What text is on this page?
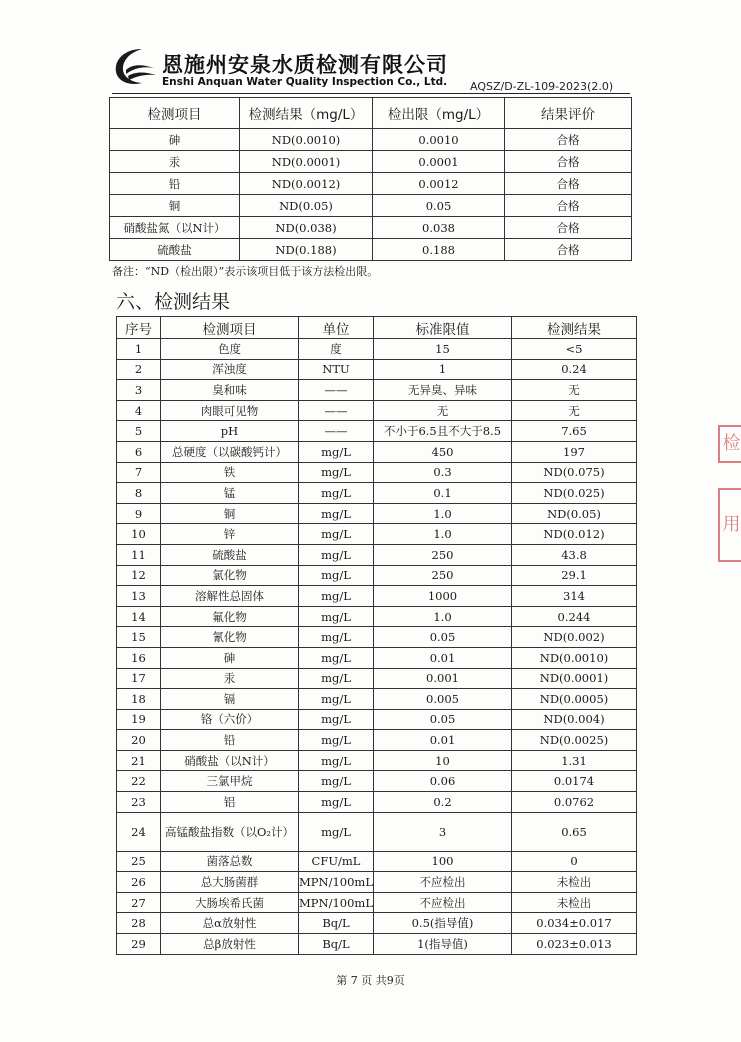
恩施州安泉水质检测有限公司
Enshi Anquan Water Quality Inspection Co., Ltd. AQSZ/D-ZL-109-2023(2.0)
检测项目	检测结果（mg/L）	检出限（mg/L）	结果评价
砷	ND(0.0010)	0.0010	合格
汞	ND(0.0001)	0.0001	合格
铅	ND(0.0012)	0.0012	合格
铜	ND(0.05)	0.05	合格
硝酸盐氮（以N计）	ND(0.038)	0.038	合格
硫酸盐	ND(0.188)	0.188	合格
备注：“ND（检出限）”表示该项目低于该方法检出限。
六、检测结果
序号	检测项目	单位	标准限值	检测结果
1	色度	度	15	<5
2	浑浊度	NTU	1	0.24
3	臭和味	——	无异臭、异味	无
4	肉眼可见物	——	无	无
5	pH	——	不小于6.5且不大于8.5	7.65
6	总硬度（以碳酸钙计）	mg/L	450	197
7	铁	mg/L	0.3	ND(0.075)
8	锰	mg/L	0.1	ND(0.025)
9	铜	mg/L	1.0	ND(0.05)
10	锌	mg/L	1.0	ND(0.012)
11	硫酸盐	mg/L	250	43.8
12	氯化物	mg/L	250	29.1
13	溶解性总固体	mg/L	1000	314
14	氟化物	mg/L	1.0	0.244
15	氰化物	mg/L	0.05	ND(0.002)
16	砷	mg/L	0.01	ND(0.0010)
17	汞	mg/L	0.001	ND(0.0001)
18	镉	mg/L	0.005	ND(0.0005)
19	铬（六价）	mg/L	0.05	ND(0.004)
20	铅	mg/L	0.01	ND(0.0025)
21	硝酸盐（以N计）	mg/L	10	1.31
22	三氯甲烷	mg/L	0.06	0.0174
23	铝	mg/L	0.2	0.0762
24	高锰酸盐指数（以O₂计）	mg/L	3	0.65
25	菌落总数	CFU/mL	100	0
26	总大肠菌群	MPN/100mL	不应检出	未检出
27	大肠埃希氏菌	MPN/100mL	不应检出	未检出
28	总α放射性	Bq/L	0.5(指导值)	0.034±0.017
29	总β放射性	Bq/L	1(指导值)	0.023±0.013
第 7 页 共9页
检
用
